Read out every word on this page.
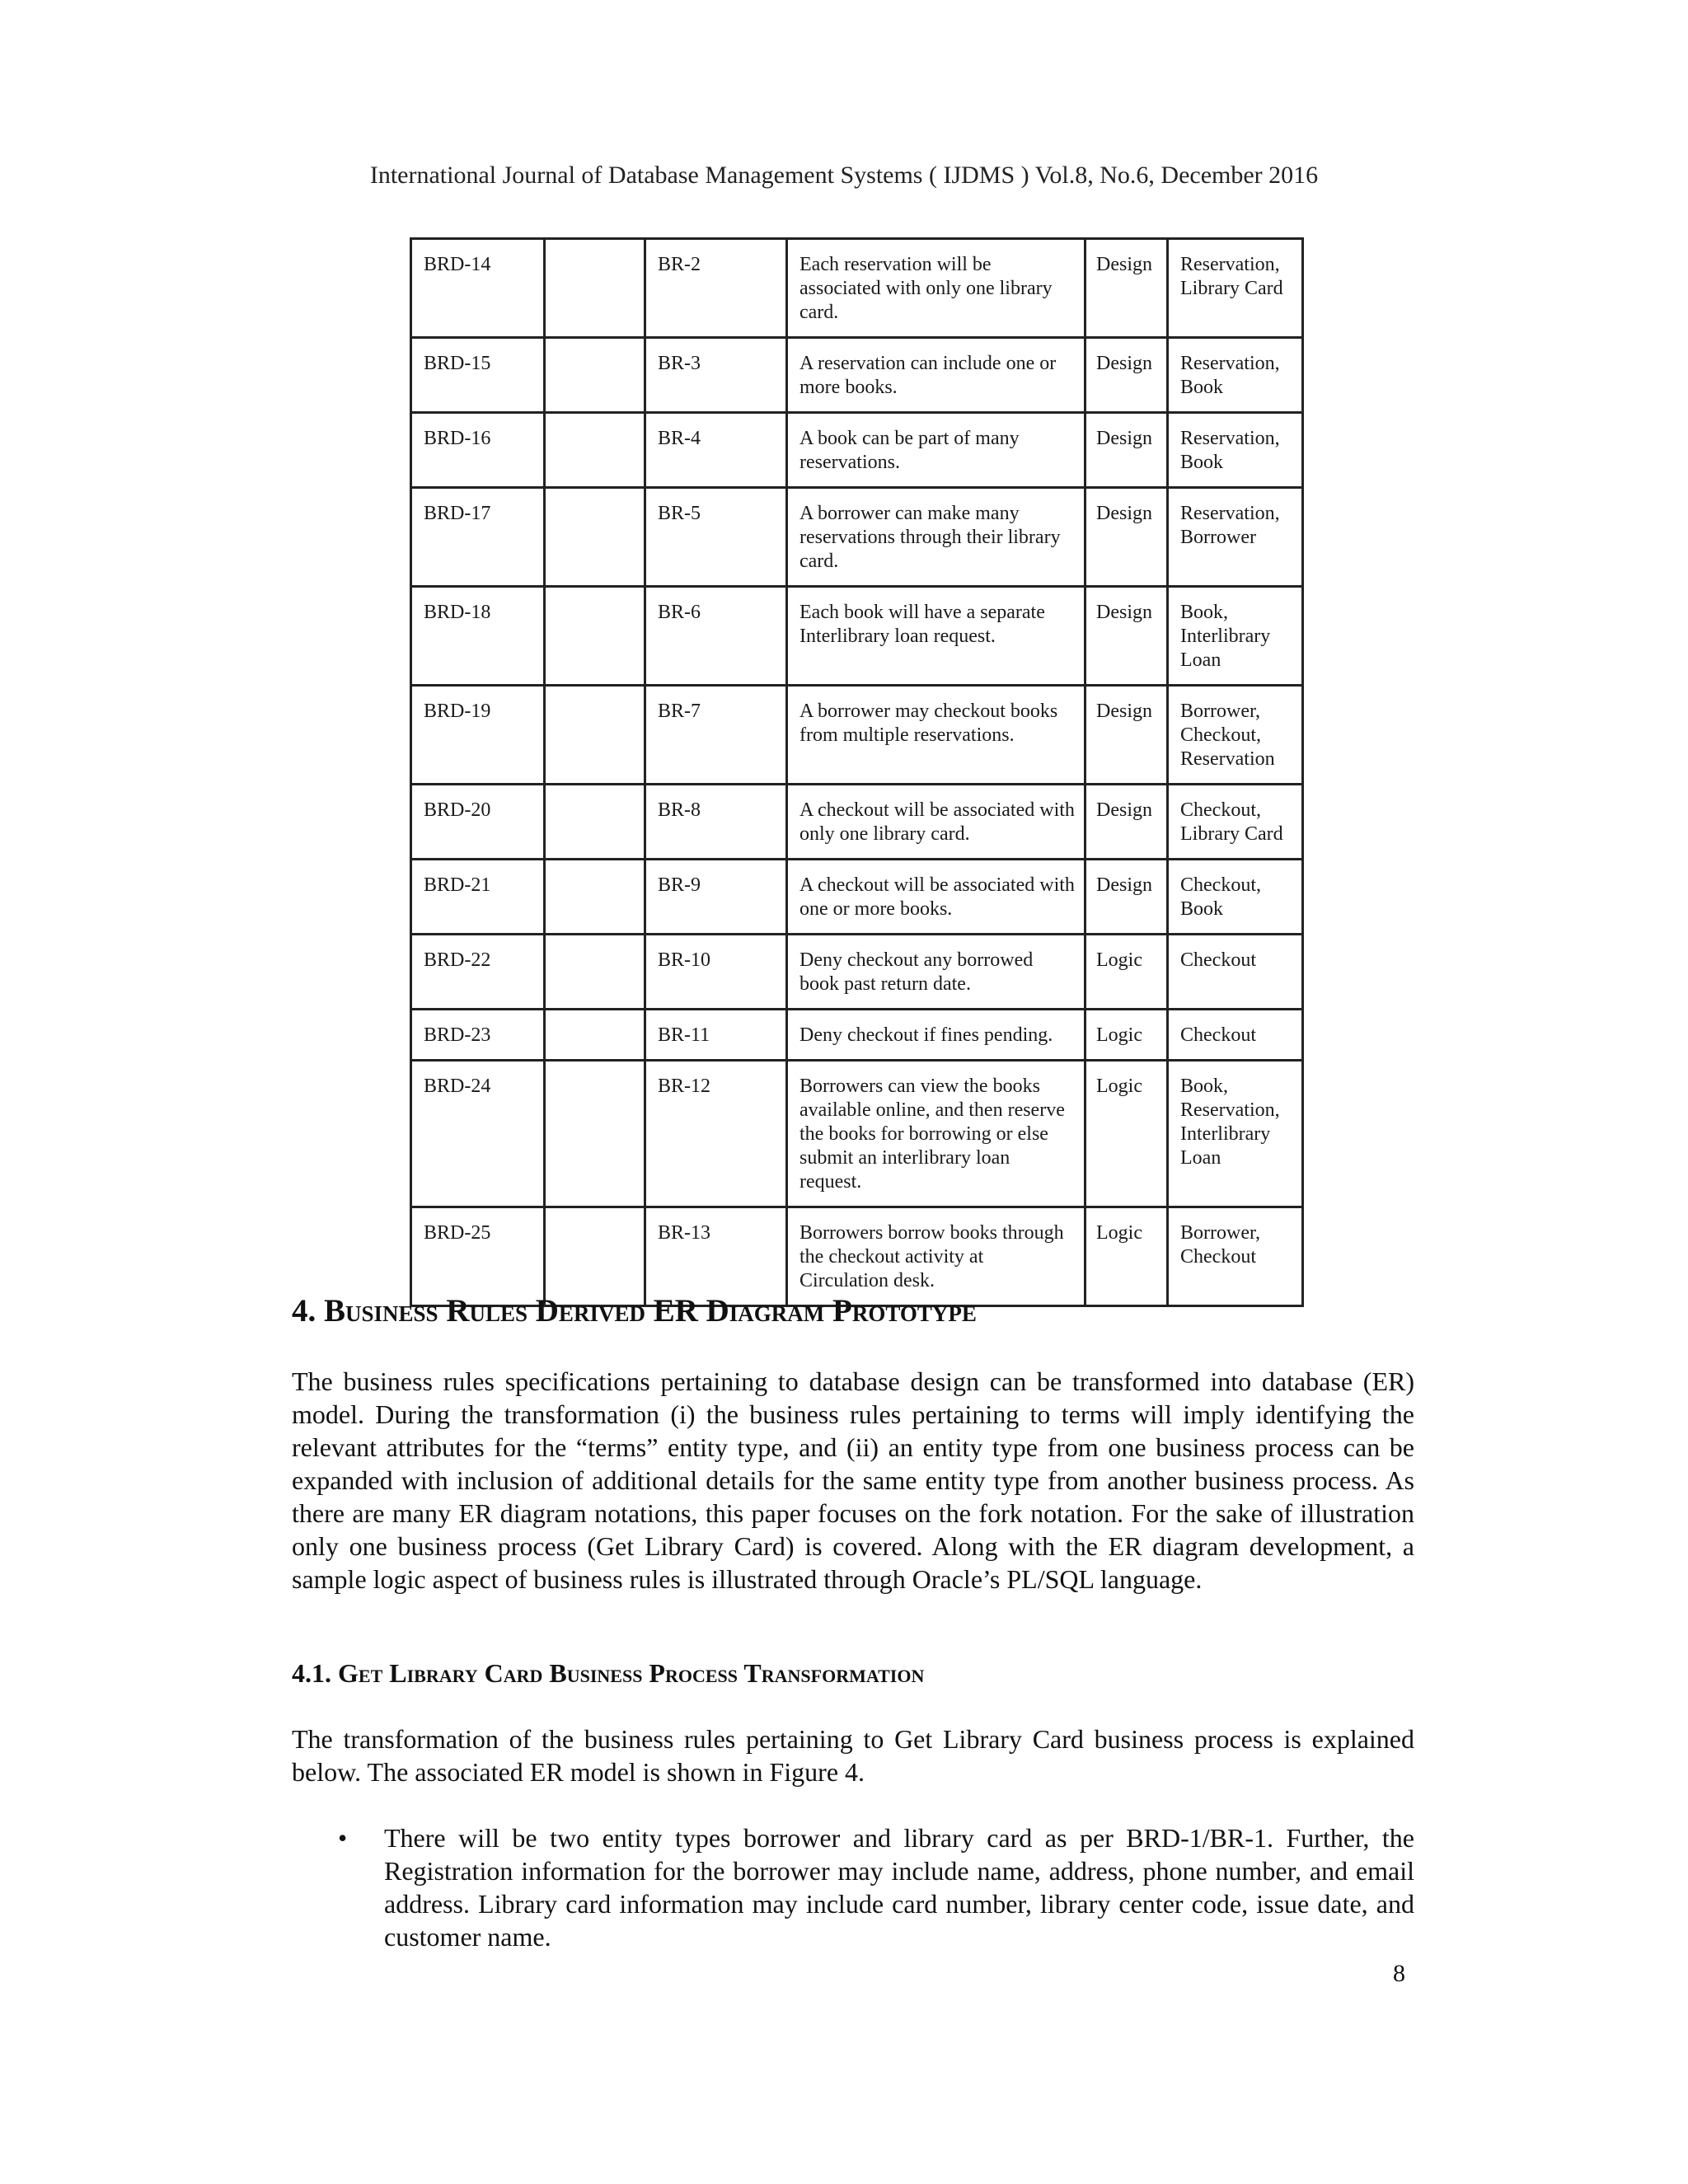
International Journal of Database Management Systems ( IJDMS ) Vol.8, No.6, December 2016
BRD-14		BR-2	Each reservation will be associated with only one library card.	Design	Reservation, Library Card
BRD-15		BR-3	A reservation can include one or more books.	Design	Reservation, Book
BRD-16		BR-4	A book can be part of many reservations.	Design	Reservation, Book
BRD-17		BR-5	A borrower can make many reservations through their library card.	Design	Reservation, Borrower
BRD-18		BR-6	Each book will have a separate Interlibrary loan request.	Design	Book, Interlibrary Loan
BRD-19		BR-7	A borrower may checkout books from multiple reservations.	Design	Borrower, Checkout, Reservation
BRD-20		BR-8	A checkout will be associated with only one library card.	Design	Checkout, Library Card
BRD-21		BR-9	A checkout will be associated with one or more books.	Design	Checkout, Book
BRD-22		BR-10	Deny checkout any borrowed book past return date.	Logic	Checkout
BRD-23		BR-11	Deny checkout if fines pending.	Logic	Checkout
BRD-24		BR-12	Borrowers can view the books available online, and then reserve the books for borrowing or else submit an interlibrary loan request.	Logic	Book, Reservation, Interlibrary Loan
BRD-25		BR-13	Borrowers borrow books through the checkout activity at Circulation desk.	Logic	Borrower, Checkout
4. Business Rules Derived ER Diagram Prototype

The business rules specifications pertaining to database design can be transformed into database (ER) model. During the transformation (i) the business rules pertaining to terms will imply identifying the relevant attributes for the “terms” entity type, and (ii) an entity type from one business process can be expanded with inclusion of additional details for the same entity type from another business process. As there are many ER diagram notations, this paper focuses on the fork notation. For the sake of illustration only one business process (Get Library Card) is covered. Along with the ER diagram development, a sample logic aspect of business rules is illustrated through Oracle’s PL/SQL language.

4.1. Get Library Card Business Process Transformation

The transformation of the business rules pertaining to Get Library Card business process is explained below. The associated ER model is shown in Figure 4.

• There will be two entity types borrower and library card as per BRD-1/BR-1. Further, the Registration information for the borrower may include name, address, phone number, and email address. Library card information may include card number, library center code, issue date, and customer name.
8
